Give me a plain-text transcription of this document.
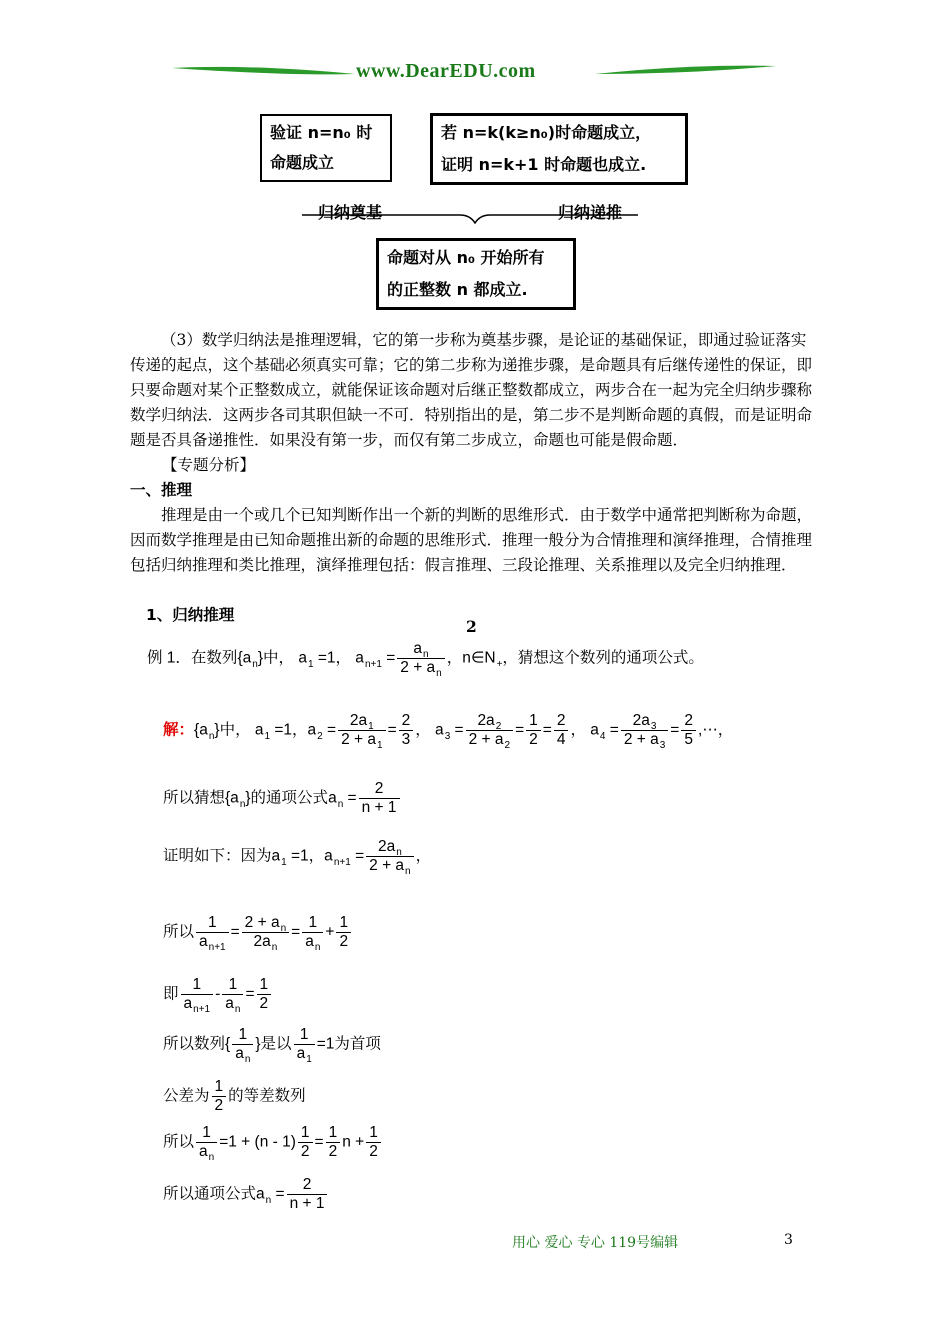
www.DearEDU.com
验证 n=n₀ 时
命题成立
若 n=k(k≥n₀)时命题成立，
证明 n=k+1 时命题也成立.
归纳奠基	归纳递推
命题对从 n₀ 开始所有
的正整数 n 都成立.
（3）数学归纳法是推理逻辑，它的第一步称为奠基步骤，是论证的基础保证，即通过验证落实传递的起点，这个基础必须真实可靠；它的第二步称为递推步骤，是命题具有后继传递性的保证，即只要命题对某个正整数成立，就能保证该命题对后继正整数都成立，两步合在一起为完全归纳步骤称数学归纳法．这两步各司其职但缺一不可．特别指出的是，第二步不是判断命题的真假，而是证明命题是否具备递推性．如果没有第一步，而仅有第二步成立，命题也可能是假命题．
【专题分析】
一、推理
推理是由一个或几个已知判断作出一个新的判断的思维形式．由于数学中通常把判断称为命题，因而数学推理是由已知命题推出新的命题的思维形式．推理一般分为合情推理和演绎推理，合情推理包括归纳推理和类比推理，演绎推理包括：假言推理、三段论推理、关系推理以及完全归纳推理．
1、归纳推理
2
例 1．在数列$\{a_n\}$中， $a_1 =1$， $a_{n+1} = \frac{a_n}{2 + a_n}$ ，$n\in N_+$，猜想这个数列的通项公式。
解：$\{a_n\}$中， $a_1 =1$，$a_2 = \frac{2a_1}{2 + a_1} = \frac{2}{3}$ ， $a_3 = \frac{2a_2}{2 + a_2} = \frac{1}{2} = \frac{2}{4}$ ， $a_4 = \frac{2a_3}{2 + a_3} = \frac{2}{5}$ ,⋯，
所以猜想$\{a_n\}$的通项公式$a_n = \frac{2}{n + 1}$
证明如下：因为$a_1 =1$，$a_{n+1} = \frac{2a_n}{2 + a_n}$ ，
所以 $\frac{1}{a_{n+1}} = \frac{2 + a_n}{2a_n} = \frac{1}{a_n} + \frac{1}{2}$
即 $\frac{1}{a_{n+1}} - \frac{1}{a_n} = \frac{1}{2}$
所以数列{ $\frac{1}{a_n}$ }是以 $\frac{1}{a_1} =1$为首项
公差为 $\frac{1}{2}$ 的等差数列
所以 $\frac{1}{a_n} =1 + (n - 1) \frac{1}{2} = \frac{1}{2}$ $n + \frac{1}{2}$
所以通项公式$a_n = \frac{2}{n + 1}$
用心 爱心 专心 119号编辑	3
